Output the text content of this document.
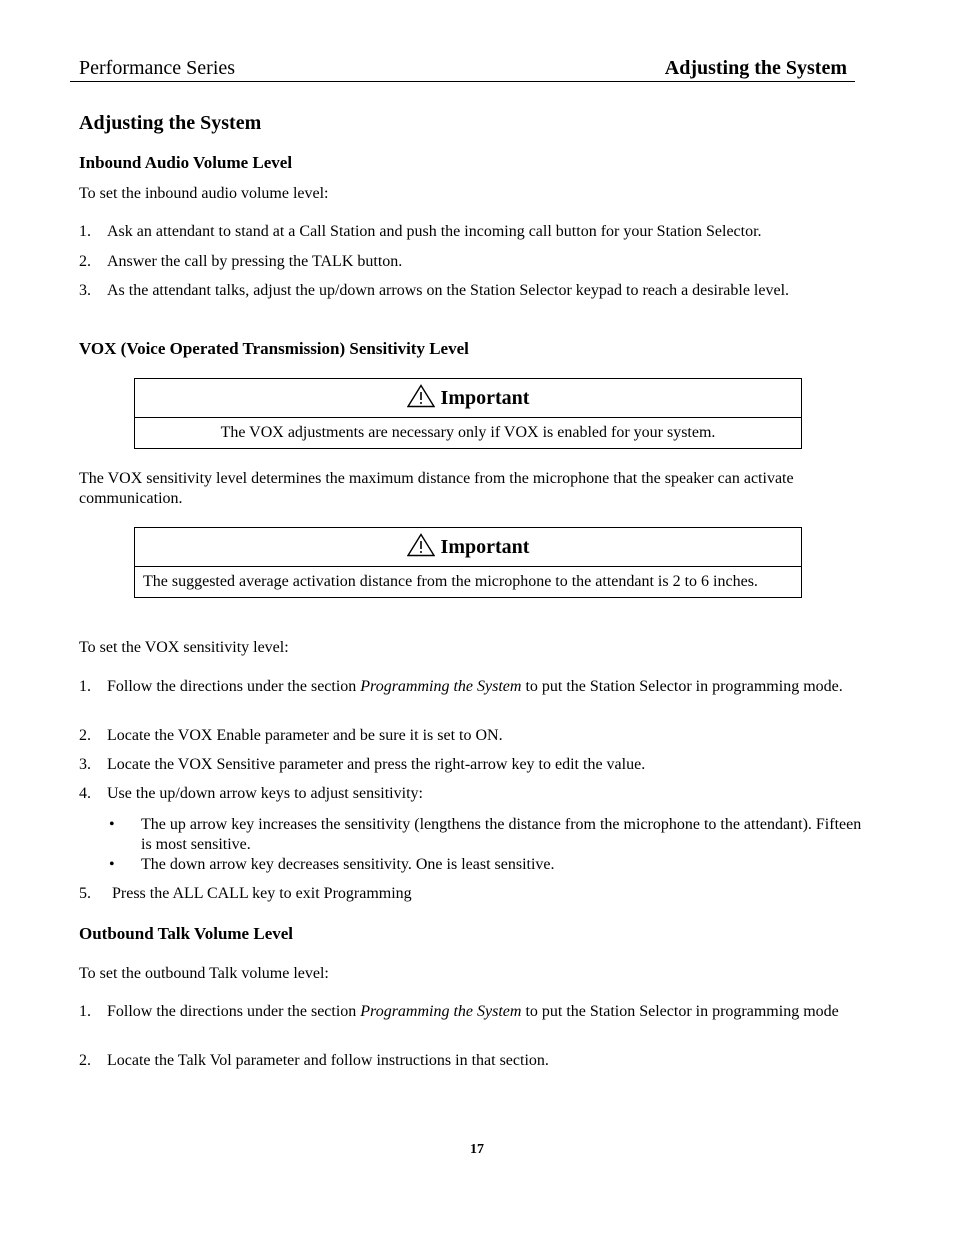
Performance Series	Adjusting the System
Adjusting the System
Inbound Audio Volume Level
To set the inbound audio volume level:
1. Ask an attendant to stand at a Call Station and push the incoming call button for your Station Selector.
2. Answer the call by pressing the TALK button.
3. As the attendant talks, adjust the up/down arrows on the Station Selector keypad to reach a desirable level.
VOX (Voice Operated Transmission) Sensitivity Level
Important
The VOX adjustments are necessary only if VOX is enabled for your system.
The VOX sensitivity level determines the maximum distance from the microphone that the speaker can activate communication.
Important
The suggested average activation distance from the microphone to the attendant is 2 to 6 inches.
To set the VOX sensitivity level:
1. Follow the directions under the section Programming the System to put the Station Selector in programming mode.
2. Locate the VOX Enable parameter and be sure it is set to ON.
3. Locate the VOX Sensitive parameter and press the right-arrow key to edit the value.
4. Use the up/down arrow keys to adjust sensitivity:
• The up arrow key increases the sensitivity (lengthens the distance from the microphone to the attendant). Fifteen is most sensitive.
• The down arrow key decreases sensitivity. One is least sensitive.
5. Press the ALL CALL key to exit Programming
Outbound Talk Volume Level
To set the outbound Talk volume level:
1. Follow the directions under the section Programming the System to put the Station Selector in programming mode
2. Locate the Talk Vol parameter and follow instructions in that section.
17
